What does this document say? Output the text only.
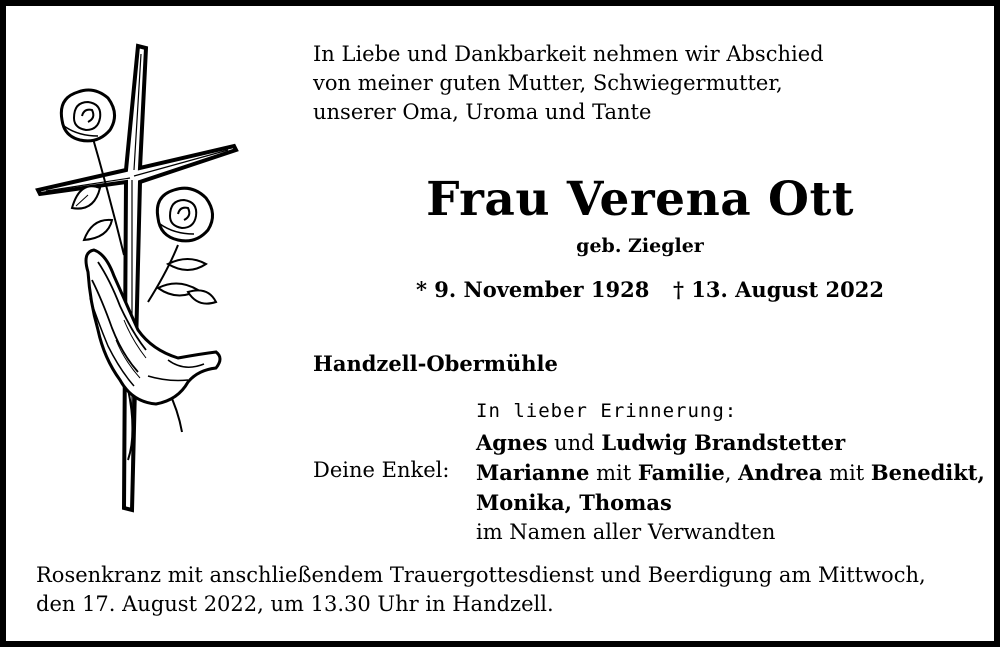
In Liebe und Dankbarkeit nehmen wir Abschied
von meiner guten Mutter, Schwiegermutter,
unserer Oma, Uroma und Tante
Frau Verena Ott
geb. Ziegler
* 9. November 1928 † 13. August 2022
Handzell-Obermühle
In lieber Erinnerung:
Deine Enkel:
Agnes und Ludwig Brandstetter
Marianne mit Familie, Andrea mit Benedikt,
Monika, Thomas
im Namen aller Verwandten
Rosenkranz mit anschließendem Trauergottesdienst und Beerdigung am Mittwoch,
den 17. August 2022, um 13.30 Uhr in Handzell.
